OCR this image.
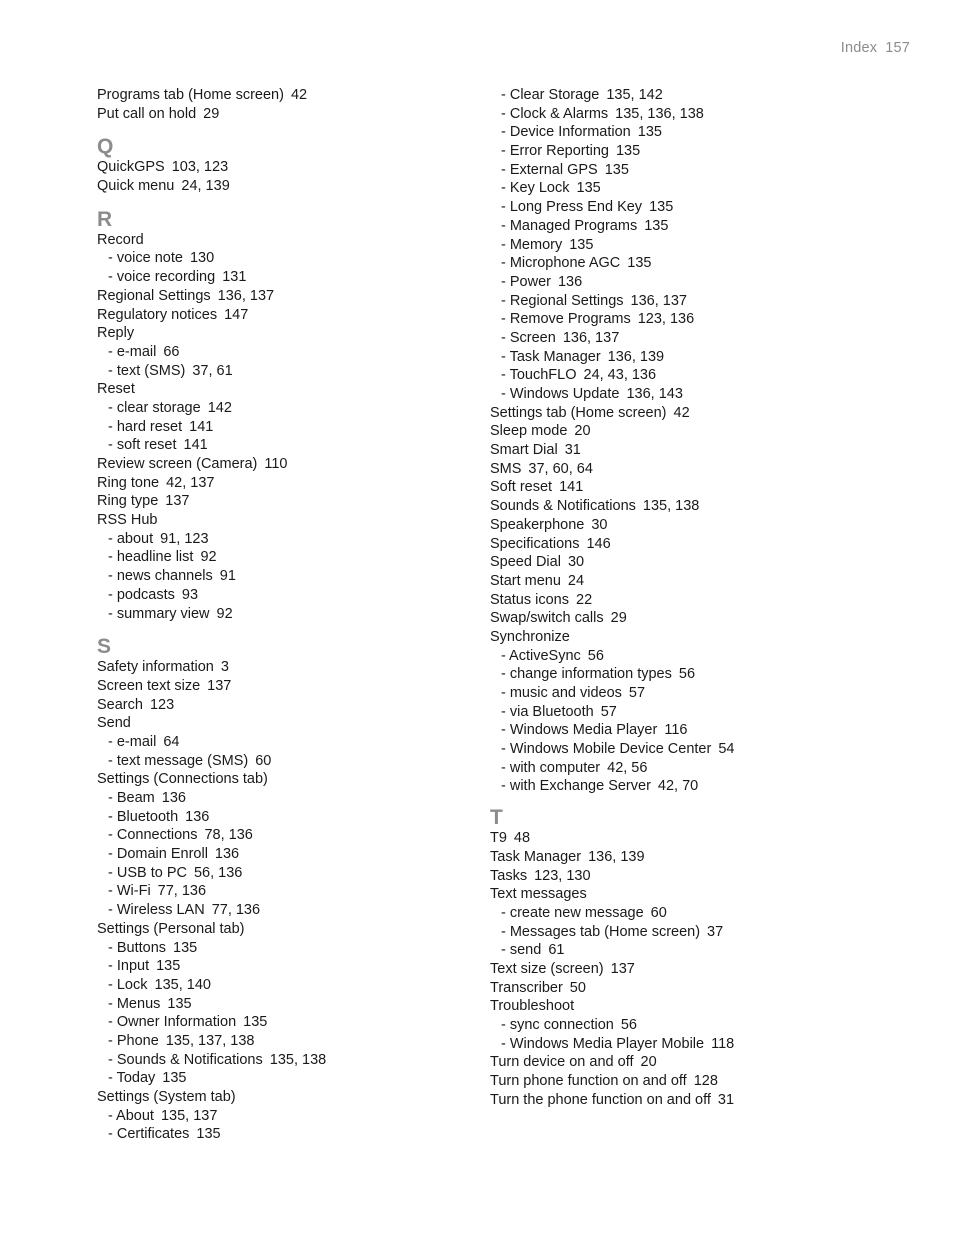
Index 157
Programs tab (Home screen) 42
Put call on hold 29
Q
QuickGPS 103, 123
Quick menu 24, 139
R
Record
- voice note 130
- voice recording 131
Regional Settings 136, 137
Regulatory notices 147
Reply
- e-mail 66
- text (SMS) 37, 61
Reset
- clear storage 142
- hard reset 141
- soft reset 141
Review screen (Camera) 110
Ring tone 42, 137
Ring type 137
RSS Hub
- about 91, 123
- headline list 92
- news channels 91
- podcasts 93
- summary view 92
S
Safety information 3
Screen text size 137
Search 123
Send
- e-mail 64
- text message (SMS) 60
Settings (Connections tab)
- Beam 136
- Bluetooth 136
- Connections 78, 136
- Domain Enroll 136
- USB to PC 56, 136
- Wi-Fi 77, 136
- Wireless LAN 77, 136
Settings (Personal tab)
- Buttons 135
- Input 135
- Lock 135, 140
- Menus 135
- Owner Information 135
- Phone 135, 137, 138
- Sounds & Notifications 135, 138
- Today 135
Settings (System tab)
- About 135, 137
- Certificates 135
- Clear Storage 135, 142
- Clock & Alarms 135, 136, 138
- Device Information 135
- Error Reporting 135
- External GPS 135
- Key Lock 135
- Long Press End Key 135
- Managed Programs 135
- Memory 135
- Microphone AGC 135
- Power 136
- Regional Settings 136, 137
- Remove Programs 123, 136
- Screen 136, 137
- Task Manager 136, 139
- TouchFLO 24, 43, 136
- Windows Update 136, 143
Settings tab (Home screen) 42
Sleep mode 20
Smart Dial 31
SMS 37, 60, 64
Soft reset 141
Sounds & Notifications 135, 138
Speakerphone 30
Specifications 146
Speed Dial 30
Start menu 24
Status icons 22
Swap/switch calls 29
Synchronize
- ActiveSync 56
- change information types 56
- music and videos 57
- via Bluetooth 57
- Windows Media Player 116
- Windows Mobile Device Center 54
- with computer 42, 56
- with Exchange Server 42, 70
T
T9 48
Task Manager 136, 139
Tasks 123, 130
Text messages
- create new message 60
- Messages tab (Home screen) 37
- send 61
Text size (screen) 137
Transcriber 50
Troubleshoot
- sync connection 56
- Windows Media Player Mobile 118
Turn device on and off 20
Turn phone function on and off 128
Turn the phone function on and off 31
